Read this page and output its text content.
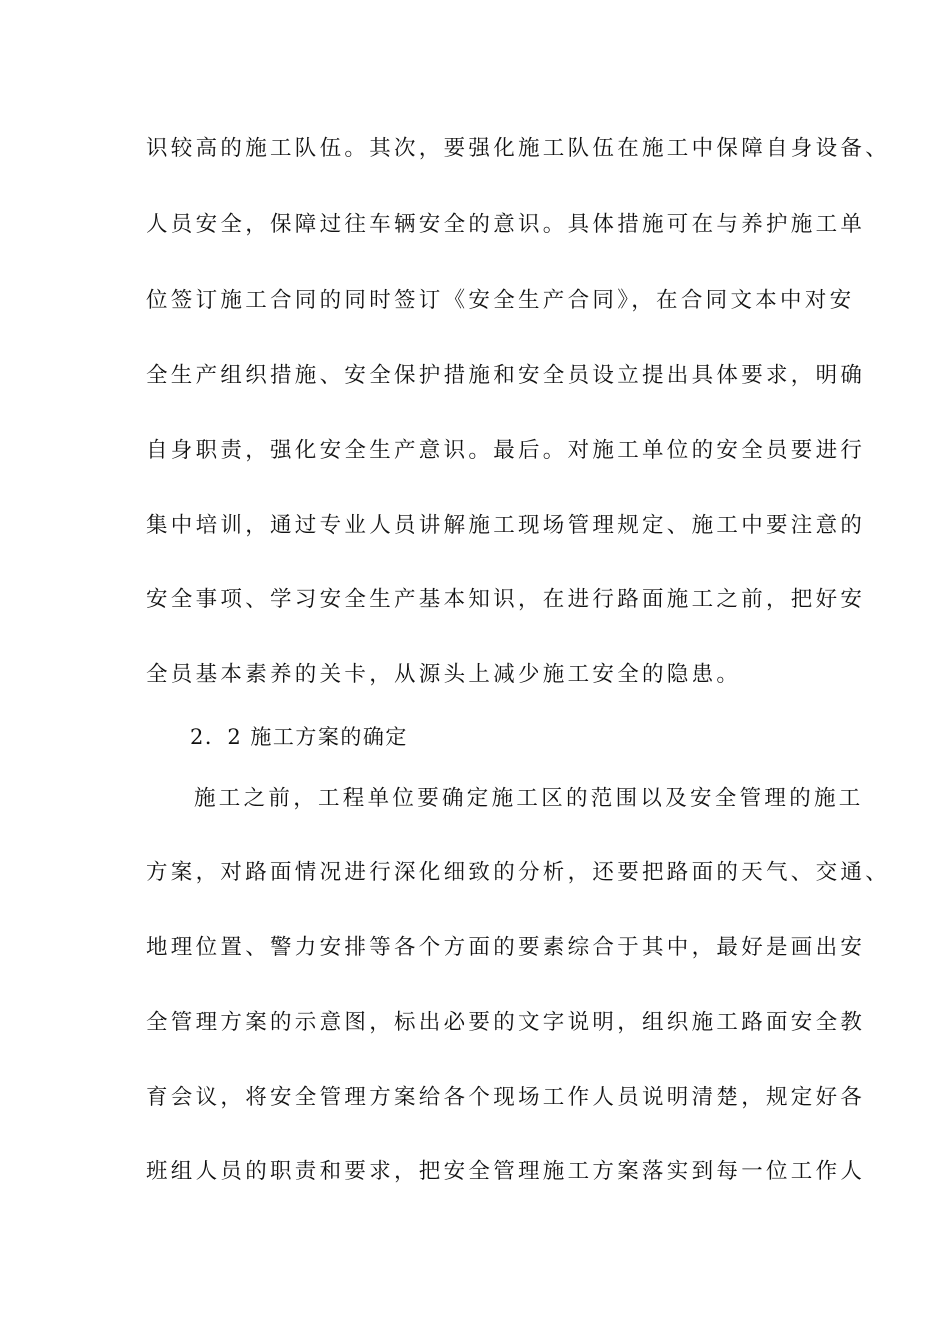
识较高的施工队伍。其次，要强化施工队伍在施工中保障自身设备、
人员安全，保障过往车辆安全的意识。具体措施可在与养护施工单
位签订施工合同的同时签订《安全生产合同》，在合同文本中对安
全生产组织措施、安全保护措施和安全员设立提出具体要求，明确
自身职责，强化安全生产意识。最后。对施工单位的安全员要进行
集中培训，通过专业人员讲解施工现场管理规定、施工中要注意的
安全事项、学习安全生产基本知识，在进行路面施工之前，把好安
全员基本素养的关卡，从源头上减少施工安全的隐患。
2．2 施工方案的确定
施工之前，工程单位要确定施工区的范围以及安全管理的施工
方案，对路面情况进行深化细致的分析，还要把路面的天气、交通、
地理位置、警力安排等各个方面的要素综合于其中，最好是画出安
全管理方案的示意图，标出必要的文字说明，组织施工路面安全教
育会议，将安全管理方案给各个现场工作人员说明清楚，规定好各
班组人员的职责和要求，把安全管理施工方案落实到每一位工作人
